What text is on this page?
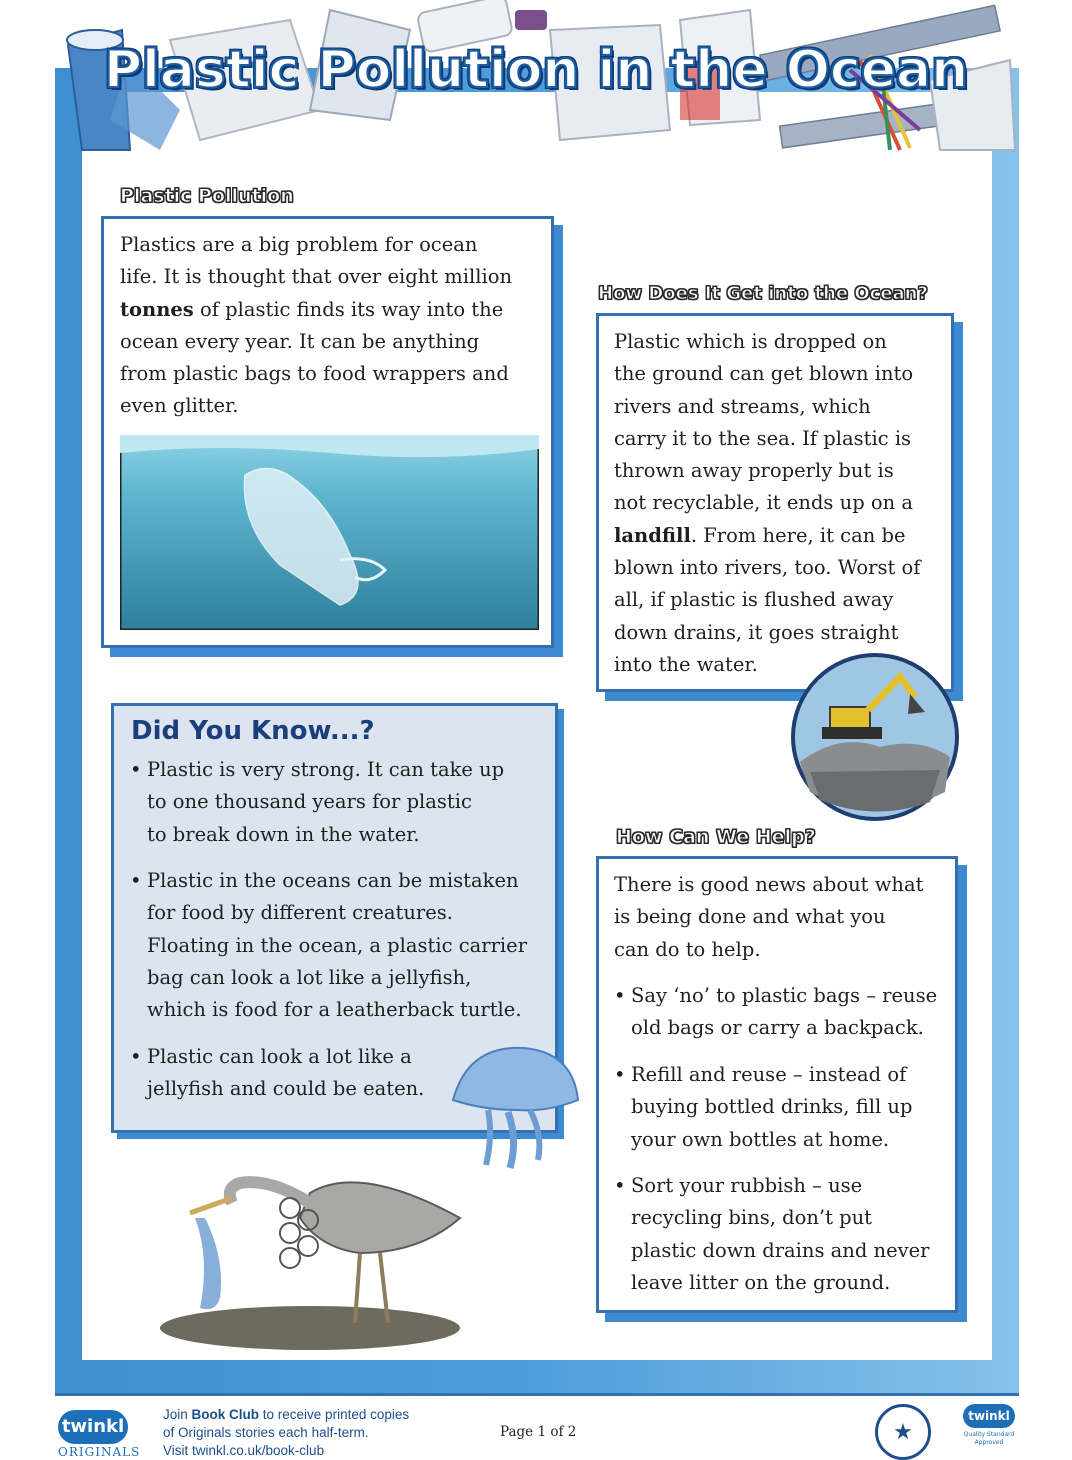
Plastic Pollution in the Ocean
Plastic Pollution

Plastics are a big problem for ocean
life. It is thought that over eight million
tonnes of plastic finds its way into the
ocean every year. It can be anything
from plastic bags to food wrappers and
even glitter.

How Does It Get into the Ocean?

Plastic which is dropped on
the ground can get blown into
rivers and streams, which
carry it to the sea. If plastic is
thrown away properly but is
not recyclable, it ends up on a
landfill. From here, it can be
blown into rivers, too. Worst of
all, if plastic is flushed away
down drains, it goes straight
into the water.

Did You Know...?
• Plastic is very strong. It can take up
to one thousand years for plastic
to break down in the water.
• Plastic in the oceans can be mistaken
for food by different creatures.
Floating in the ocean, a plastic carrier
bag can look a lot like a jellyfish,
which is food for a leatherback turtle.
• Plastic can look a lot like a
jellyfish and could be eaten.
How Can We Help?

There is good news about what
is being done and what you
can do to help.

• Say ‘no’ to plastic bags – reuse
old bags or carry a backpack.
• Refill and reuse – instead of
buying bottled drinks, fill up
your own bottles at home.
• Sort your rubbish – use
recycling bins, don’t put
plastic down drains and never
leave litter on the ground.
twinkl
ORIGINALS
Join Book Club to receive printed copies
of Originals stories each half-term.
Visit twinkl.co.uk/book-club
Page 1 of 2	★
twinkl
Quality Standard Approved
